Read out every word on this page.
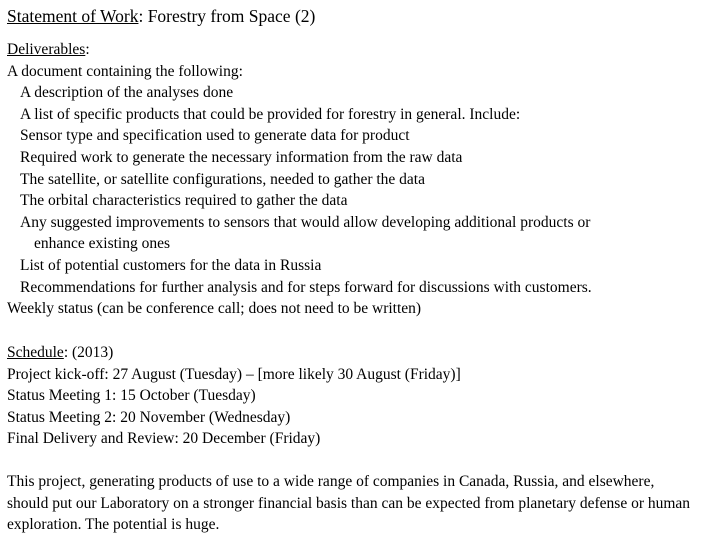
Statement of Work: Forestry from Space (2)
Deliverables:
A document containing the following:
A description of the analyses done
A list of specific products that could be provided for forestry in general. Include:
Sensor type and specification used to generate data for product
Required work to generate the necessary information from the raw data
The satellite, or satellite configurations, needed to gather the data
The orbital characteristics required to gather the data
Any suggested improvements to sensors that would allow developing additional products or
enhance existing ones
List of potential customers for the data in Russia
Recommendations for further analysis and for steps forward for discussions with customers.
Weekly status (can be conference call; does not need to be written)
Schedule: (2013)
Project kick-off: 27 August (Tuesday) – [more likely 30 August (Friday)]
Status Meeting 1: 15 October (Tuesday)
Status Meeting 2: 20 November (Wednesday)
Final Delivery and Review: 20 December (Friday)
This project, generating products of use to a wide range of companies in Canada, Russia, and elsewhere, should put our Laboratory on a stronger financial basis than can be expected from planetary defense or human exploration. The potential is huge.
